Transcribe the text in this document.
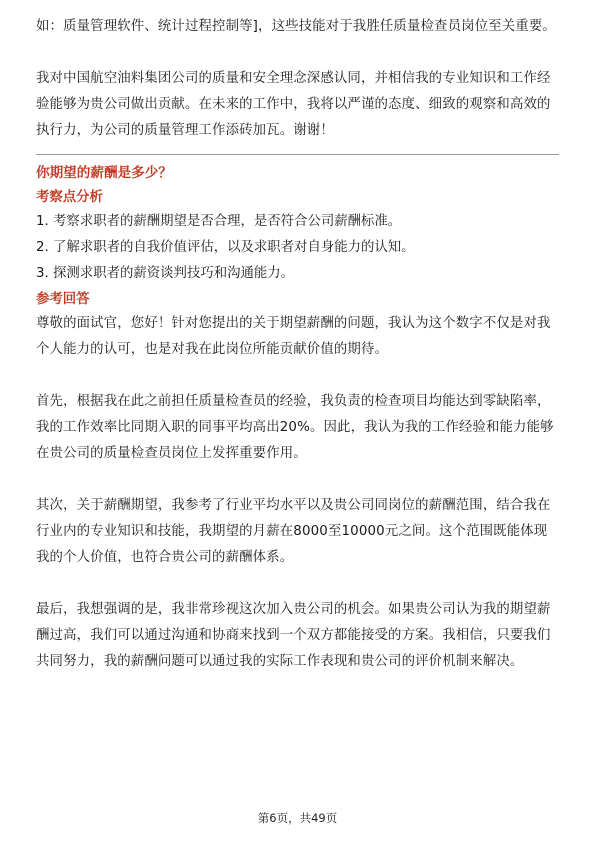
如：质量管理软件、统计过程控制等]，这些技能对于我胜任质量检查员岗位至关重要。

我对中国航空油料集团公司的质量和安全理念深感认同，并相信我的专业知识和工作经验能够为贵公司做出贡献。在未来的工作中，我将以严谨的态度、细致的观察和高效的执行力，为公司的质量管理工作添砖加瓦。谢谢！

你期望的薪酬是多少？
考察点分析

1. 考察求职者的薪酬期望是否合理，是否符合公司薪酬标准。

2. 了解求职者的自我价值评估，以及求职者对自身能力的认知。

3. 探测求职者的薪资谈判技巧和沟通能力。

参考回答

尊敬的面试官，您好！针对您提出的关于期望薪酬的问题，我认为这个数字不仅是对我个人能力的认可，也是对我在此岗位所能贡献价值的期待。

首先，根据我在此之前担任质量检查员的经验，我负责的检查项目均能达到零缺陷率，我的工作效率比同期入职的同事平均高出20%。因此，我认为我的工作经验和能力能够在贵公司的质量检查员岗位上发挥重要作用。

其次，关于薪酬期望，我参考了行业平均水平以及贵公司同岗位的薪酬范围，结合我在行业内的专业知识和技能，我期望的月薪在8000至10000元之间。这个范围既能体现我的个人价值，也符合贵公司的薪酬体系。

最后，我想强调的是，我非常珍视这次加入贵公司的机会。如果贵公司认为我的期望薪酬过高，我们可以通过沟通和协商来找到一个双方都能接受的方案。我相信，只要我们共同努力，我的薪酬问题可以通过我的实际工作表现和贵公司的评价机制来解决。

第6页，共49页
